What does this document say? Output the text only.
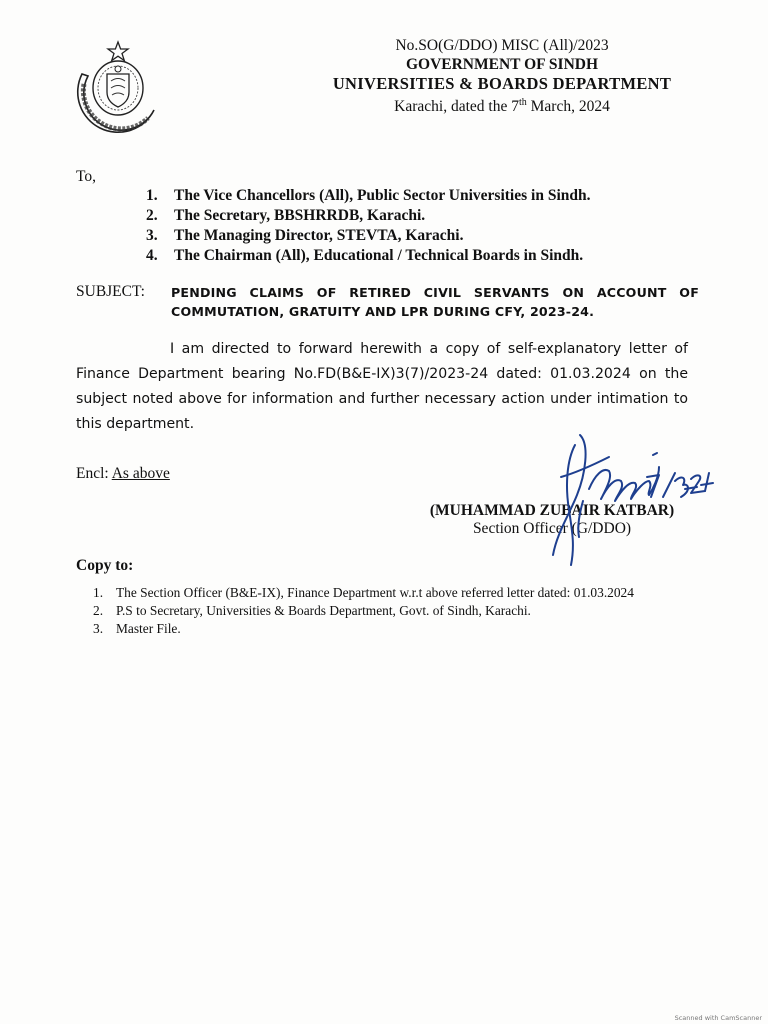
No.SO(G/DDO) MISC (All)/2023
GOVERNMENT OF SINDH
UNIVERSITIES & BOARDS DEPARTMENT
Karachi, dated the 7th March, 2024
To,
1. The Vice Chancellors (All), Public Sector Universities in Sindh.
2. The Secretary, BBSHRRDB, Karachi.
3. The Managing Director, STEVTA, Karachi.
4. The Chairman (All), Educational / Technical Boards in Sindh.
SUBJECT: PENDING CLAIMS OF RETIRED CIVIL SERVANTS ON ACCOUNT OF COMMUTATION, GRATUITY AND LPR DURING CFY, 2023-24.
I am directed to forward herewith a copy of self-explanatory letter of Finance Department bearing No.FD(B&E-IX)3(7)/2023-24 dated: 01.03.2024 on the subject noted above for information and further necessary action under intimation to this department.
Encl: As above
(MUHAMMAD ZUBAIR KATBAR)
Section Officer (G/DDO)
Copy to:
1. The Section Officer (B&E-IX), Finance Department w.r.t above referred letter dated: 01.03.2024
2. P.S to Secretary, Universities & Boards Department, Govt. of Sindh, Karachi.
3. Master File.
Scanned with CamScanner
